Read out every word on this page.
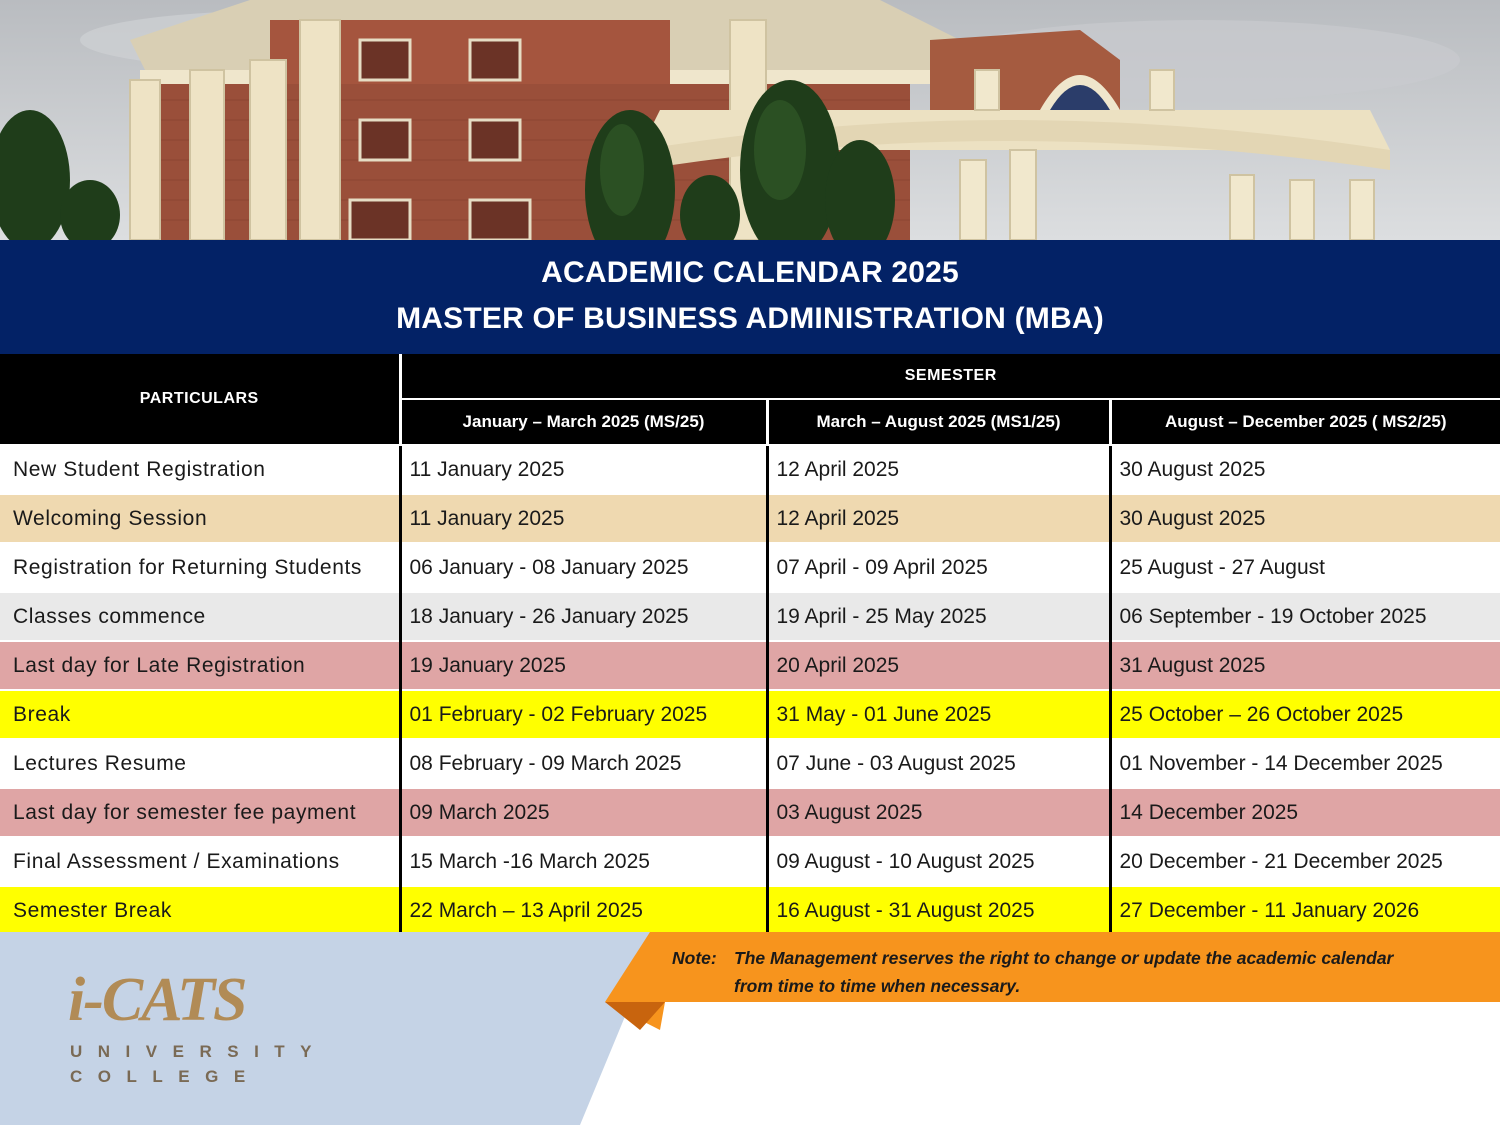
ACADEMIC CALENDAR 2025
MASTER OF BUSINESS ADMINISTRATION (MBA)
PARTICULARS	SEMESTER		
	January – March 2025 (MS/25)	March – August 2025 (MS1/25)	August – December 2025 ( MS2/25)
New Student Registration	11 January 2025	12 April 2025	30 August 2025
Welcoming Session	11 January 2025	12 April 2025	30 August 2025
Registration for Returning Students	06 January - 08 January 2025	07 April - 09 April 2025	25 August - 27 August
Classes commence	18 January - 26 January 2025	19 April - 25 May 2025	06 September - 19 October 2025
Last day for Late Registration	19 January 2025	20 April 2025	31 August 2025
Break	01 February - 02 February 2025	31 May - 01 June 2025	25 October – 26 October 2025
Lectures Resume	08 February - 09 March 2025	07 June - 03 August 2025	01 November - 14 December 2025
Last day for semester fee payment	09 March 2025	03 August 2025	14 December 2025
Final Assessment / Examinations	15 March -16 March 2025	09 August - 10 August 2025	20 December - 21 December 2025
Semester Break	22 March – 13 April 2025	16 August - 31 August 2025	27 December - 11 January 2026
Note: The Management reserves the right to change or update the academic calendar
from time to time when necessary.
i-CATS
UNIVERSITY
COLLEGE
